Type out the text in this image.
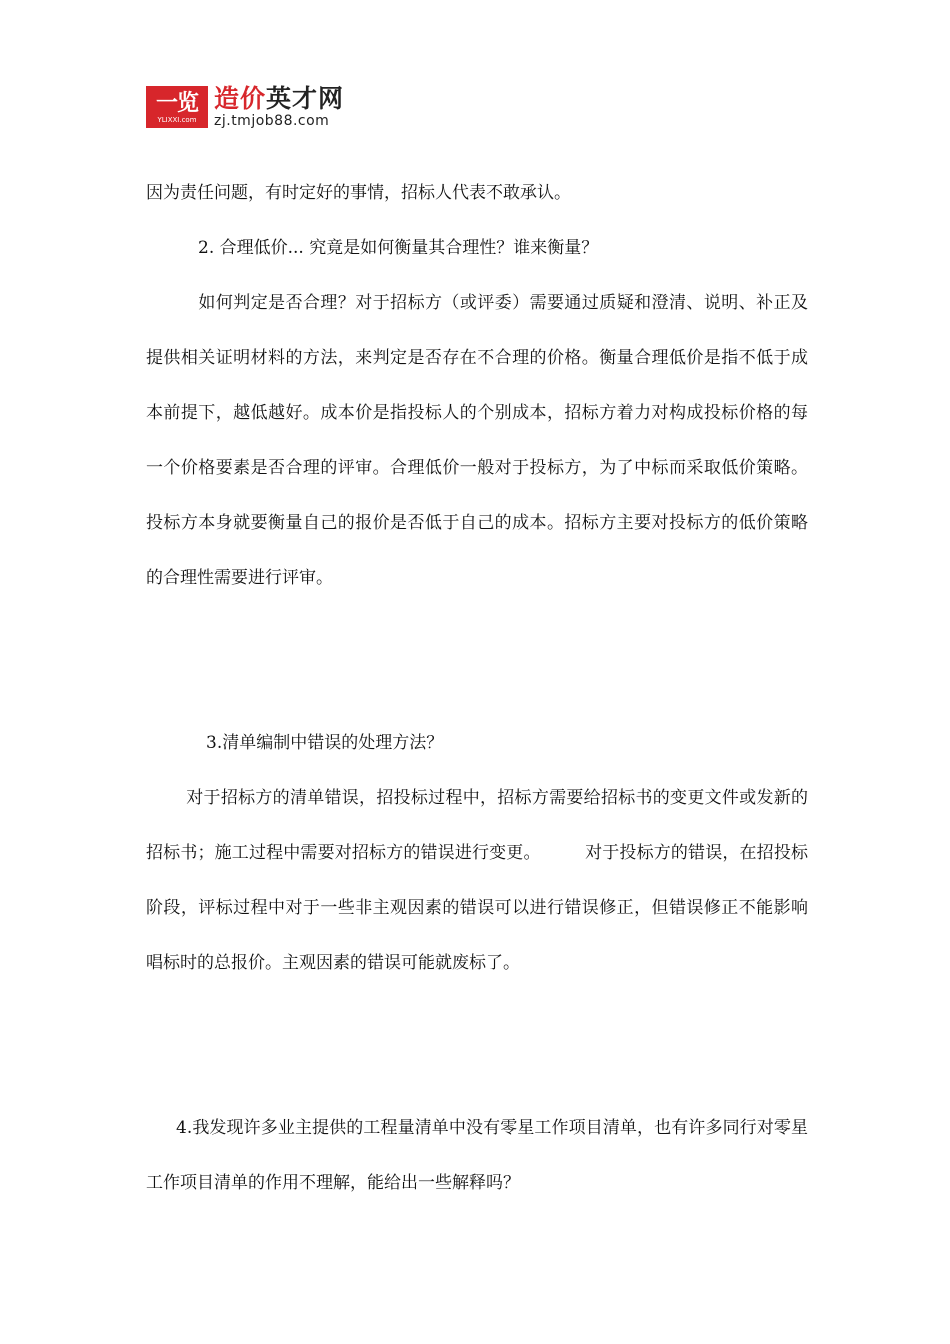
一览
YLIXXI.com
造价英才网
zj.tmjob88.com

因为责任问题，有时定好的事情，招标人代表不敢承认。

2. 合理低价... 究竟是如何衡量其合理性？谁来衡量？

如何判定是否合理？对于招标方（或评委）需要通过质疑和澄清、说明、补正及提供相关证明材料的方法，来判定是否存在不合理的价格。衡量合理低价是指不低于成本前提下，越低越好。成本价是指投标人的个别成本，招标方着力对构成投标价格的每一个价格要素是否合理的评审。合理低价一般对于投标方，为了中标而采取低价策略。投标方本身就要衡量自己的报价是否低于自己的成本。招标方主要对投标方的低价策略的合理性需要进行评审。

3.清单编制中错误的处理方法？

对于招标方的清单错误，招投标过程中，招标方需要给招标书的变更文件或发新的招标书；施工过程中需要对招标方的错误进行变更。        对于投标方的错误，在招投标阶段，评标过程中对于一些非主观因素的错误可以进行错误修正，但错误修正不能影响唱标时的总报价。主观因素的错误可能就废标了。

4.我发现许多业主提供的工程量清单中没有零星工作项目清单，也有许多同行对零星工作项目清单的作用不理解，能给出一些解释吗？
